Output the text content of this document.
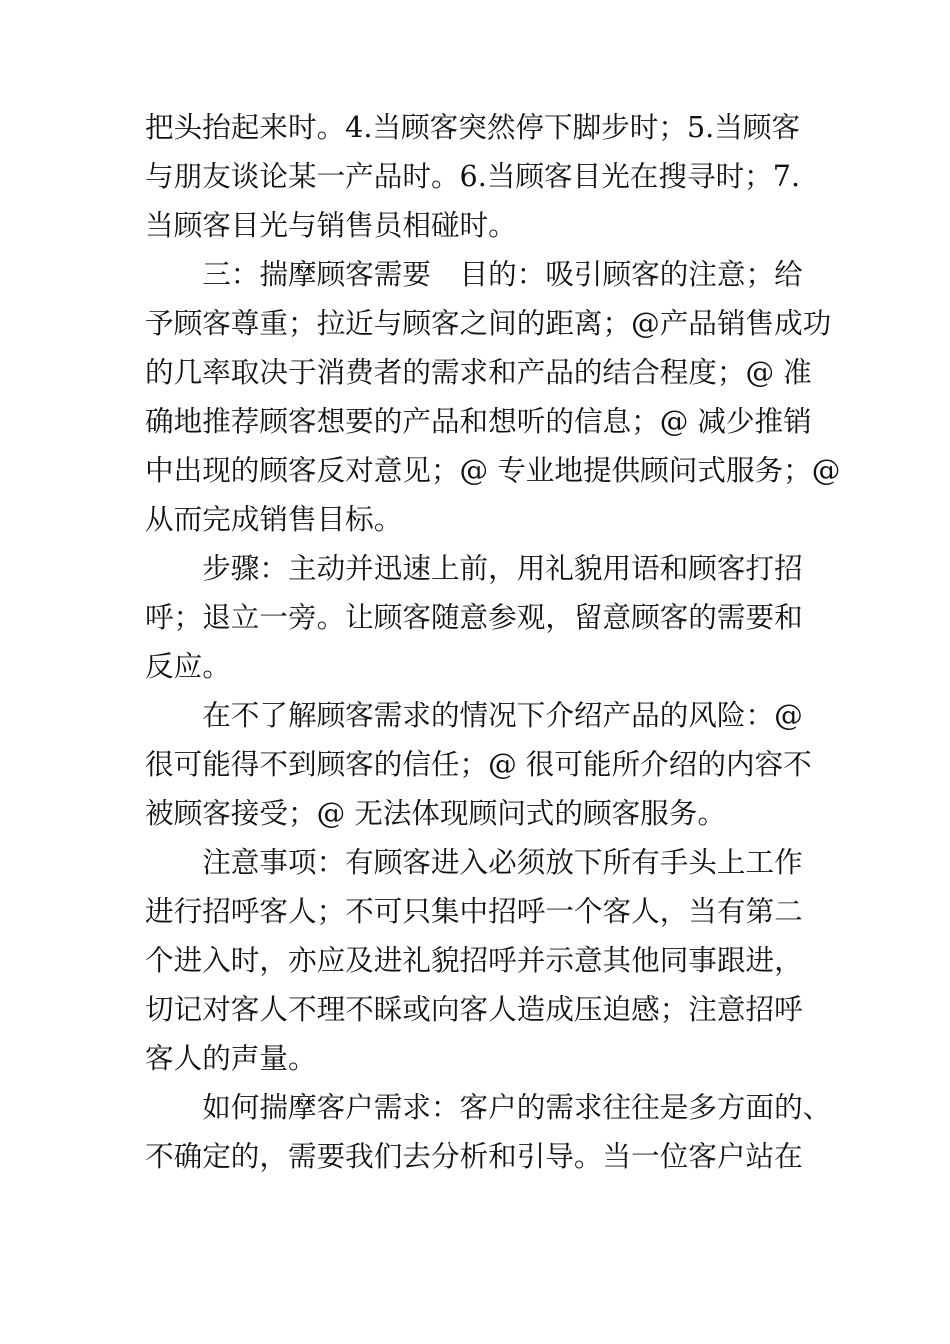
把头抬起来时。4.当顾客突然停下脚步时；5.当顾客
与朋友谈论某一产品时。6.当顾客目光在搜寻时；7.
当顾客目光与销售员相碰时。

　　三：揣摩顾客需要　目的：吸引顾客的注意；给
予顾客尊重；拉近与顾客之间的距离；@产品销售成功
的几率取决于消费者的需求和产品的结合程度；@ 准
确地推荐顾客想要的产品和想听的信息；@ 减少推销
中出现的顾客反对意见；@ 专业地提供顾问式服务；@
从而完成销售目标。

　　步骤：主动并迅速上前，用礼貌用语和顾客打招
呼；退立一旁。让顾客随意参观，留意顾客的需要和
反应。

　　在不了解顾客需求的情况下介绍产品的风险：@
很可能得不到顾客的信任；@ 很可能所介绍的内容不
被顾客接受；@ 无法体现顾问式的顾客服务。

　　注意事项：有顾客进入必须放下所有手头上工作
进行招呼客人；不可只集中招呼一个客人，当有第二
个进入时，亦应及进礼貌招呼并示意其他同事跟进，
切记对客人不理不睬或向客人造成压迫感；注意招呼
客人的声量。

　　如何揣摩客户需求：客户的需求往往是多方面的、
不确定的，需要我们去分析和引导。当一位客户站在
